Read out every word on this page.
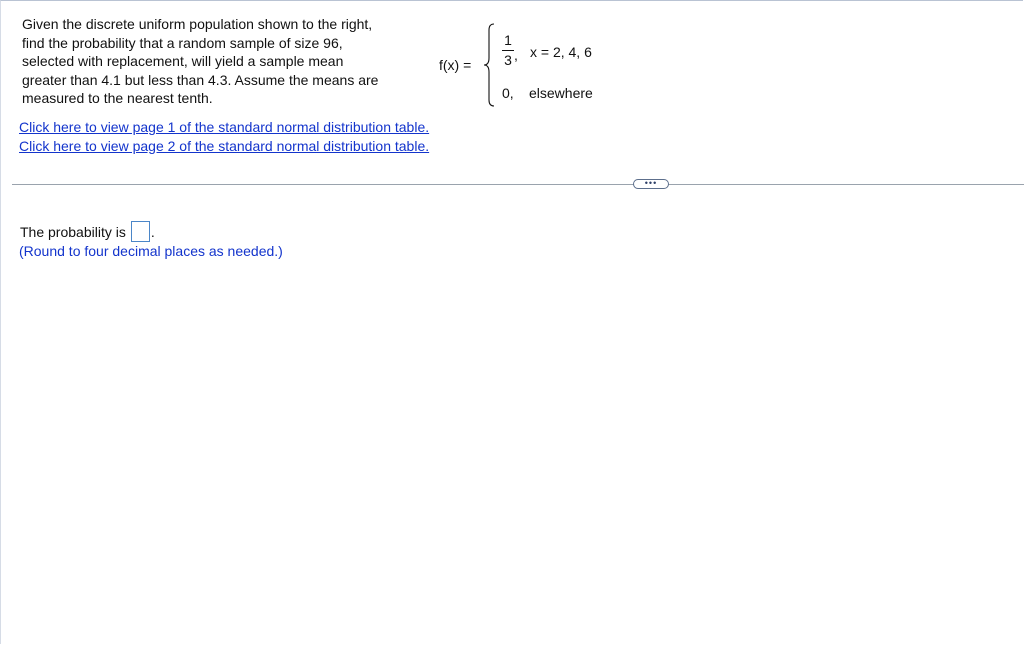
Given the discrete uniform population shown to the right,
find the probability that a random sample of size 96,
selected with replacement, will yield a sample mean
greater than 4.1 but less than 4.3. Assume the means are
measured to the nearest tenth.
f(x) =
1
3 , x = 2, 4, 6
0, elsewhere
Click here to view page 1 of the standard normal distribution table.
Click here to view page 2 of the standard normal distribution table.
•••
The probability is .
(Round to four decimal places as needed.)
